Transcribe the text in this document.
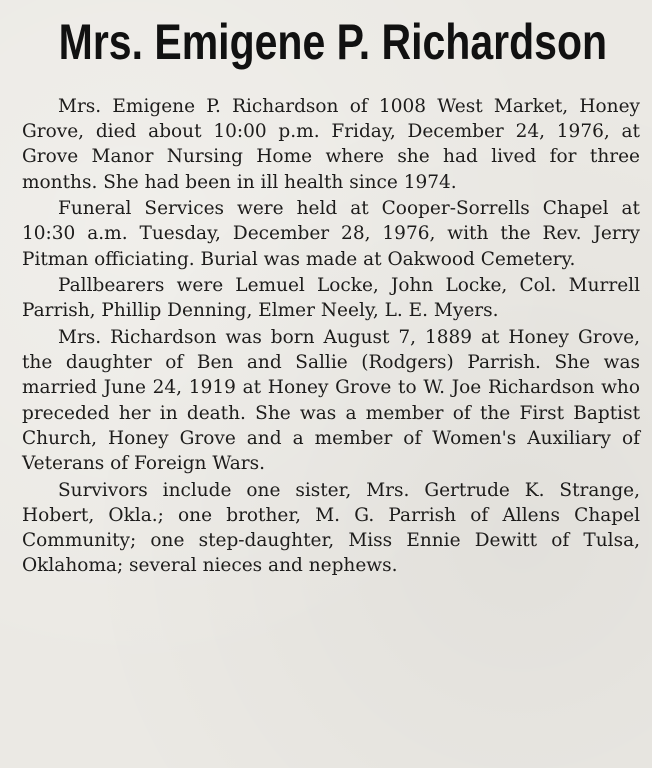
Mrs. Emigene P. Richardson

Mrs. Emigene P. Richardson of 1008 West Market, Honey Grove, died about 10:00 p.m. Friday, December 24, 1976, at Grove Manor Nursing Home where she had lived for three months. She had been in ill health since 1974.

Funeral Services were held at Cooper-Sorrells Chapel at 10:30 a.m. Tuesday, December 28, 1976, with the Rev. Jerry Pitman officiating. Burial was made at Oakwood Cemetery.

Pallbearers were Lemuel Locke, John Locke, Col. Murrell Parrish, Phillip Denning, Elmer Neely, L. E. Myers.

Mrs. Richardson was born August 7, 1889 at Honey Grove, the daughter of Ben and Sallie (Rodgers) Parrish. She was married June 24, 1919 at Honey Grove to W. Joe Richardson who preceded her in death. She was a member of the First Baptist Church, Honey Grove and a member of Women's Auxiliary of Veterans of Foreign Wars.

Survivors include one sister, Mrs. Gertrude K. Strange, Hobert, Okla.; one brother, M. G. Parrish of Allens Chapel Community; one step-daughter, Miss Ennie Dewitt of Tulsa, Oklahoma; several nieces and nephews.
